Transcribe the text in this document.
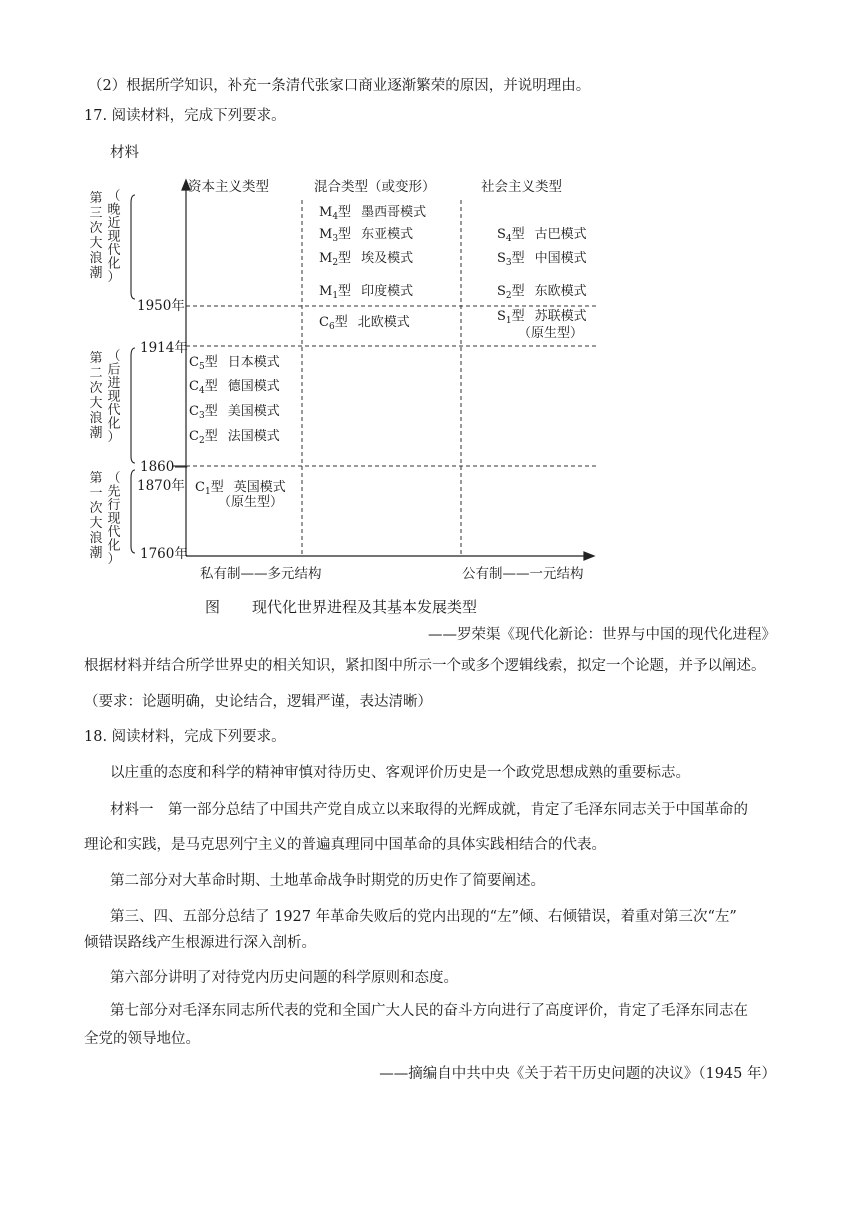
（2）根据所学知识，补充一条清代张家口商业逐渐繁荣的原因，并说明理由。
17. 阅读材料，完成下列要求。
材料
资本主义类型	混合类型（或变形）	社会主义类型
1950年
1914年
1860—
1870年
1760年
第三次大浪潮
（晚近现代化）
第二次大浪潮
（后进现代化）
第一次大浪潮
（先行现代化）
$M_4$型 墨西哥模式
$M_3$型 东亚模式
$M_2$型 埃及模式
$M_1$型 印度模式
$C_6$型 北欧模式
$S_4$型 古巴模式
$S_3$型 中国模式
$S_2$型 东欧模式
$S_1$型 苏联模式
（原生型）
$C_5$型 日本模式
$C_4$型 德国模式
$C_3$型 美国模式
$C_2$型 法国模式
$C_1$型 英国模式
（原生型）
私有制——多元结构	公有制——一元结构
图 现代化世界进程及其基本发展类型
——罗荣渠《现代化新论：世界与中国的现代化进程》
根据材料并结合所学世界史的相关知识，紧扣图中所示一个或多个逻辑线索，拟定一个论题，并予以阐述。
（要求：论题明确，史论结合，逻辑严谨，表达清晰）
18. 阅读材料，完成下列要求。
以庄重的态度和科学的精神审慎对待历史、客观评价历史是一个政党思想成熟的重要标志。
材料一　第一部分总结了中国共产党自成立以来取得的光辉成就，肯定了毛泽东同志关于中国革命的
理论和实践，是马克思列宁主义的普遍真理同中国革命的具体实践相结合的代表。
第二部分对大革命时期、土地革命战争时期党的历史作了简要阐述。
第三、四、五部分总结了 1927 年革命失败后的党内出现的“左”倾、右倾错误，着重对第三次“左”
倾错误路线产生根源进行深入剖析。
第六部分讲明了对待党内历史问题的科学原则和态度。
第七部分对毛泽东同志所代表的党和全国广大人民的奋斗方向进行了高度评价，肯定了毛泽东同志在
全党的领导地位。
——摘编自中共中央《关于若干历史问题的决议》（1945 年）
